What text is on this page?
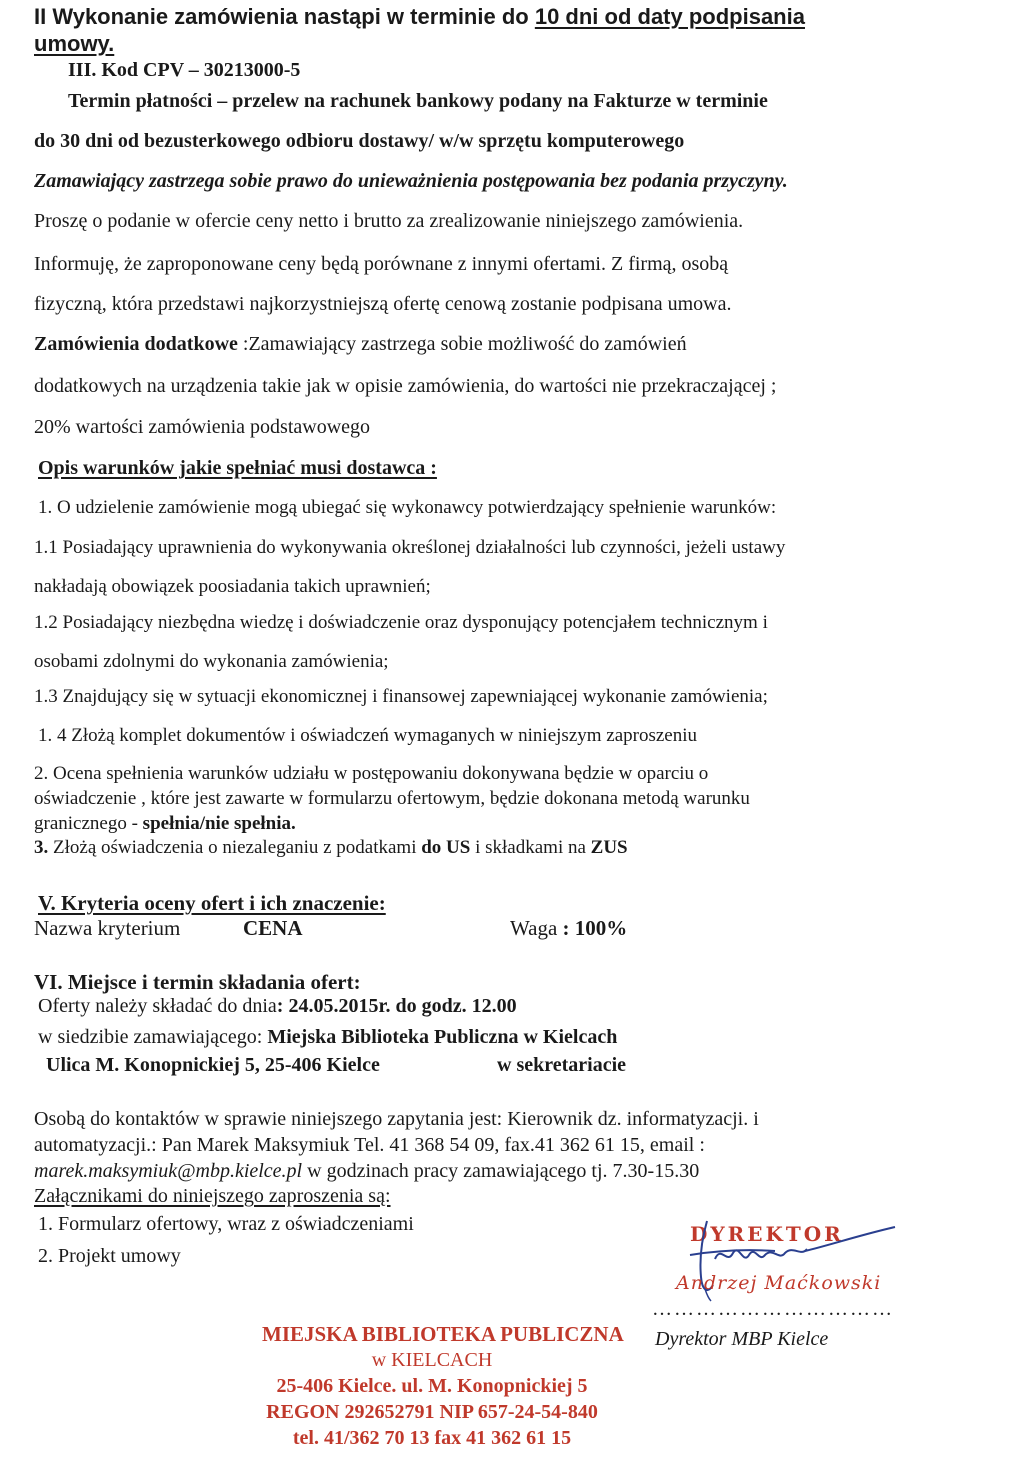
II Wykonanie zamówienia nastąpi w terminie do 10 dni od daty podpisania
umowy.
III. Kod CPV – 30213000-5
Termin płatności – przelew na rachunek bankowy podany na Fakturze w terminie
do 30 dni od bezusterkowego odbioru dostawy/ w/w sprzętu komputerowego
Zamawiający zastrzega sobie prawo do unieważnienia postępowania bez podania przyczyny.
Proszę o podanie w ofercie ceny netto i brutto za zrealizowanie niniejszego zamówienia.
Informuję, że zaproponowane ceny będą porównane z innymi ofertami. Z firmą, osobą
fizyczną, która przedstawi najkorzystniejszą ofertę cenową zostanie podpisana umowa.
Zamówienia dodatkowe :Zamawiający zastrzega sobie możliwość do zamówień
dodatkowych na urządzenia takie jak w opisie zamówienia, do wartości nie przekraczającej ;
20% wartości zamówienia podstawowego
Opis warunków jakie spełniać musi dostawca :
1. O udzielenie zamówienie mogą ubiegać się wykonawcy potwierdzający spełnienie warunków:
1.1 Posiadający uprawnienia do wykonywania określonej działalności lub czynności, jeżeli ustawy
nakładają obowiązek poosiadania takich uprawnień;
1.2 Posiadający niezbędna wiedzę i doświadczenie oraz dysponujący potencjałem technicznym i
osobami zdolnymi do wykonania zamówienia;
1.3 Znajdujący się w sytuacji ekonomicznej i finansowej zapewniającej wykonanie zamówienia;
1. 4 Złożą komplet dokumentów i oświadczeń wymaganych w niniejszym zaproszeniu
2. Ocena spełnienia warunków udziału w postępowaniu dokonywana będzie w oparciu o
oświadczenie , które jest zawarte w formularzu ofertowym, będzie dokonana metodą warunku
granicznego - spełnia/nie spełnia.
3. Złożą oświadczenia o niezaleganiu z podatkami do US i składkami na ZUS
V. Kryteria oceny ofert i ich znaczenie:
Nazwa kryterium	CENA	Waga : 100%
VI. Miejsce i termin składania ofert:
Oferty należy składać do dnia: 24.05.2015r. do godz. 12.00
w siedzibie zamawiającego: Miejska Biblioteka Publiczna w Kielcach
Ulica M. Konopnickiej 5, 25-406 Kielce	w sekretariacie
Osobą do kontaktów w sprawie niniejszego zapytania jest: Kierownik dz. informatyzacji. i
automatyzacji.: Pan Marek Maksymiuk Tel. 41 368 54 09, fax.41 362 61 15, email :
marek.maksymiuk@mbp.kielce.pl w godzinach pracy zamawiającego tj. 7.30-15.30
Załącznikami do niniejszego zaproszenia są:
1. Formularz ofertowy, wraz z oświadczeniami
2. Projekt umowy
DYREKTOR
Andrzej Maćkowski
……………………………
Dyrektor MBP Kielce
MIEJSKA BIBLIOTEKA PUBLICZNA
w KIELCACH
25-406 Kielce. ul. M. Konopnickiej 5
REGON 292652791 NIP 657-24-54-840
tel. 41/362 70 13 fax 41 362 61 15
